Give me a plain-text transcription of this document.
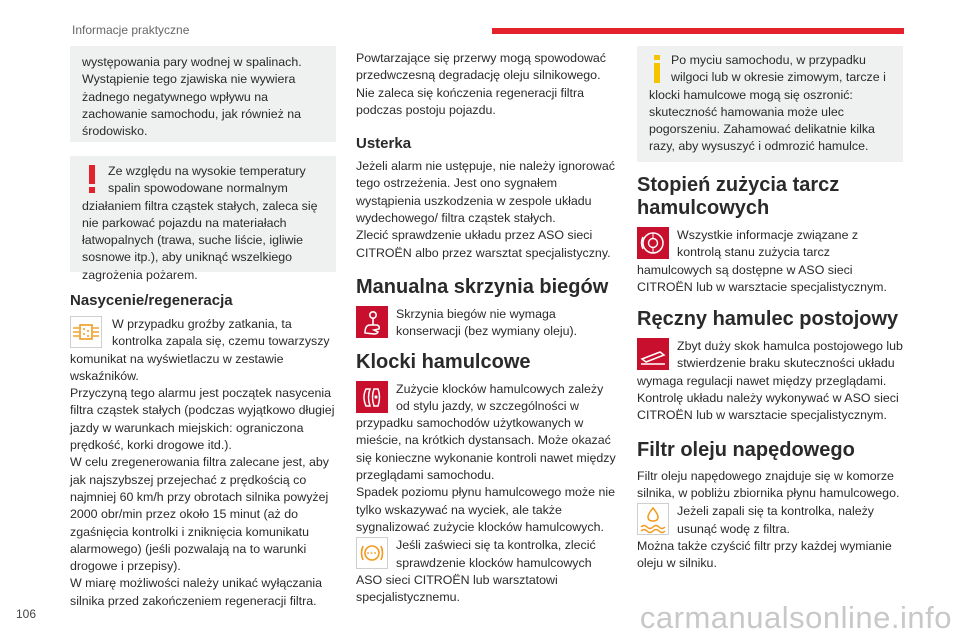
Informacje praktyczne

występowania pary wodnej w spalinach. Wystąpienie tego zjawiska nie wywiera żadnego negatywnego wpływu na zachowanie samochodu, jak również na środowisko.

Ze względu na wysokie temperatury spalin spowodowane normalnym działaniem filtra cząstek stałych, zaleca się nie parkować pojazdu na materiałach łatwopalnych (trawa, suche liście, igliwie sosnowe itp.), aby uniknąć wszelkiego zagrożenia pożarem.

Nasycenie/regeneracja

W przypadku groźby zatkania, ta kontrolka zapala się, czemu towarzyszy komunikat na wyświetlaczu w zestawie wskaźników.

Przyczyną tego alarmu jest początek nasycenia filtra cząstek stałych (podczas wyjątkowo długiej jazdy w warunkach miejskich: ograniczona prędkość, korki drogowe itd.).

W celu zregenerowania filtra zalecane jest, aby jak najszybszej przejechać z prędkością co najmniej 60 km/h przy obrotach silnika powyżej 2000 obr/min przez około 15 minut (aż do zgaśnięcia kontrolki i zniknięcia komunikatu alarmowego) (jeśli pozwalają na to warunki drogowe i przepisy).

W miarę możliwości należy unikać wyłączania silnika przed zakończeniem regeneracji filtra.

Powtarzające się przerwy mogą spowodować przedwczesną degradację oleju silnikowego. Nie zaleca się kończenia regeneracji filtra podczas postoju pojazdu.

Usterka

Jeżeli alarm nie ustępuje, nie należy ignorować tego ostrzeżenia. Jest ono sygnałem wystąpienia uszkodzenia w zespole układu wydechowego/ filtra cząstek stałych.

Zlecić sprawdzenie układu przez ASO sieci CITROËN albo przez warsztat specjalistyczny.

Manualna skrzynia biegów

Skrzynia biegów nie wymaga konserwacji (bez wymiany oleju).

Klocki hamulcowe

Zużycie klocków hamulcowych zależy od stylu jazdy, w szczególności w przypadku samochodów użytkowanych w mieście, na krótkich dystansach. Może okazać się konieczne wykonanie kontroli nawet między przeglądami samochodu.

Spadek poziomu płynu hamulcowego może nie tylko wskazywać na wyciek, ale także sygnalizować zużycie klocków hamulcowych.

Jeśli zaświeci się ta kontrolka, zlecić sprawdzenie klocków hamulcowych ASO sieci CITROËN lub warsztatowi specjalistycznemu.

Po myciu samochodu, w przypadku wilgoci lub w okresie zimowym, tarcze i klocki hamulcowe mogą się oszronić: skuteczność hamowania może ulec pogorszeniu. Zahamować delikatnie kilka razy, aby wysuszyć i odmrozić hamulce.

Stopień zużycia tarcz hamulcowych

Wszystkie informacje związane z kontrolą stanu zużycia tarcz hamulcowych są dostępne w ASO sieci CITROËN lub w warsztacie specjalistycznym.

Ręczny hamulec postojowy

Zbyt duży skok hamulca postojowego lub stwierdzenie braku skuteczności układu wymaga regulacji nawet między przeglądami.

Kontrolę układu należy wykonywać w ASO sieci CITROËN lub w warsztacie specjalistycznym.

Filtr oleju napędowego

Filtr oleju napędowego znajduje się w komorze silnika, w pobliżu zbiornika płynu hamulcowego.

Jeżeli zapali się ta kontrolka, należy usunąć wodę z filtra.

Można także czyścić filtr przy każdej wymianie oleju w silniku.

106	carmanualsonline.info
